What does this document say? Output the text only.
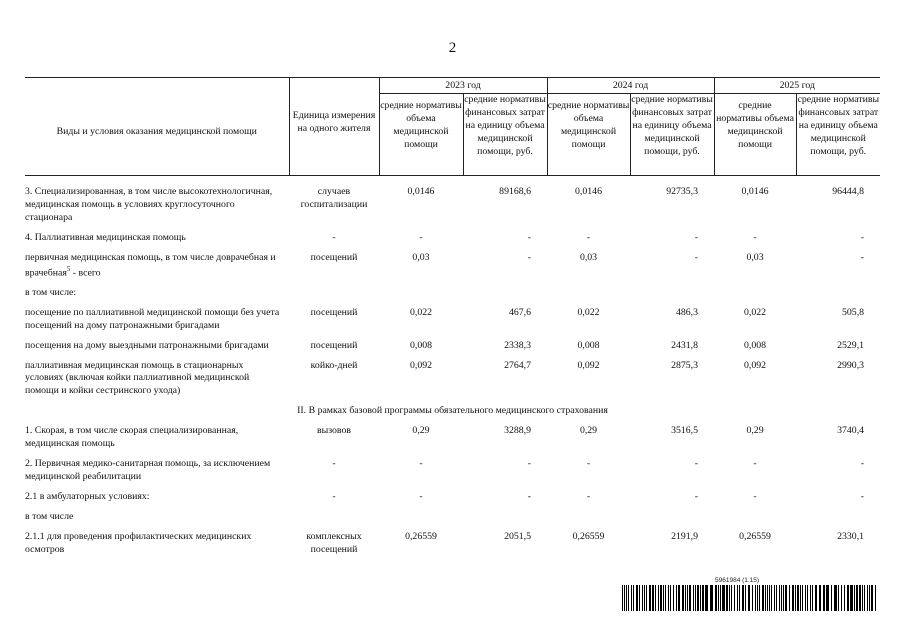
2
Виды и условия оказания медицинской помощи	Единица измерения на одного жителя	2023 год		2024 год		2025 год	
		средние нормативы объема медицинской помощи	средние нормативы финансовых затрат на единицу объема медицинской помощи, руб.	средние нормативы объема медицинской помощи	средние нормативы финансовых затрат на единицу объема медицинской помощи, руб.	средние нормативы объема медицинской помощи	средние нормативы финансовых затрат на единицу объема медицинской помощи, руб.

3. Специализированная, в том числе высокотехнологичная, медицинская помощь в условиях круглосуточного стационара	случаев госпитализации	0,0146	89168,6	0,0146	92735,3	0,0146	96444,8
4. Паллиативная медицинская помощь	-	-	-	-	-	-	-
первичная медицинская помощь, в том числе доврачебная и врачебная$^5$ - всего	посещений	0,03	-	0,03	-	0,03	-
в том числе:							
посещение по паллиативной медицинской помощи без учета посещений на дому патронажными бригадами	посещений	0,022	467,6	0,022	486,3	0,022	505,8
посещения на дому выездными патронажными бригадами	посещений	0,008	2338,3	0,008	2431,8	0,008	2529,1
паллиативная медицинская помощь в стационарных условиях (включая койки паллиативной медицинской помощи и койки сестринского ухода)	койко-дней	0,092	2764,7	0,092	2875,3	0,092	2990,3
II. В рамках базовой программы обязательного медицинского страхования							
1. Скорая, в том числе скорая специализированная, медицинская помощь	вызовов	0,29	3288,9	0,29	3516,5	0,29	3740,4
2. Первичная медико-санитарная помощь, за исключением медицинской реабилитации	-	-	-	-	-	-	-
2.1 в амбулаторных условиях:	-	-	-	-	-	-	-
в том числе							
2.1.1 для проведения профилактических медицинских осмотров	комплексных посещений	0,26559	2051,5	0,26559	2191,9	0,26559	2330,1
5961984 (1.15)
